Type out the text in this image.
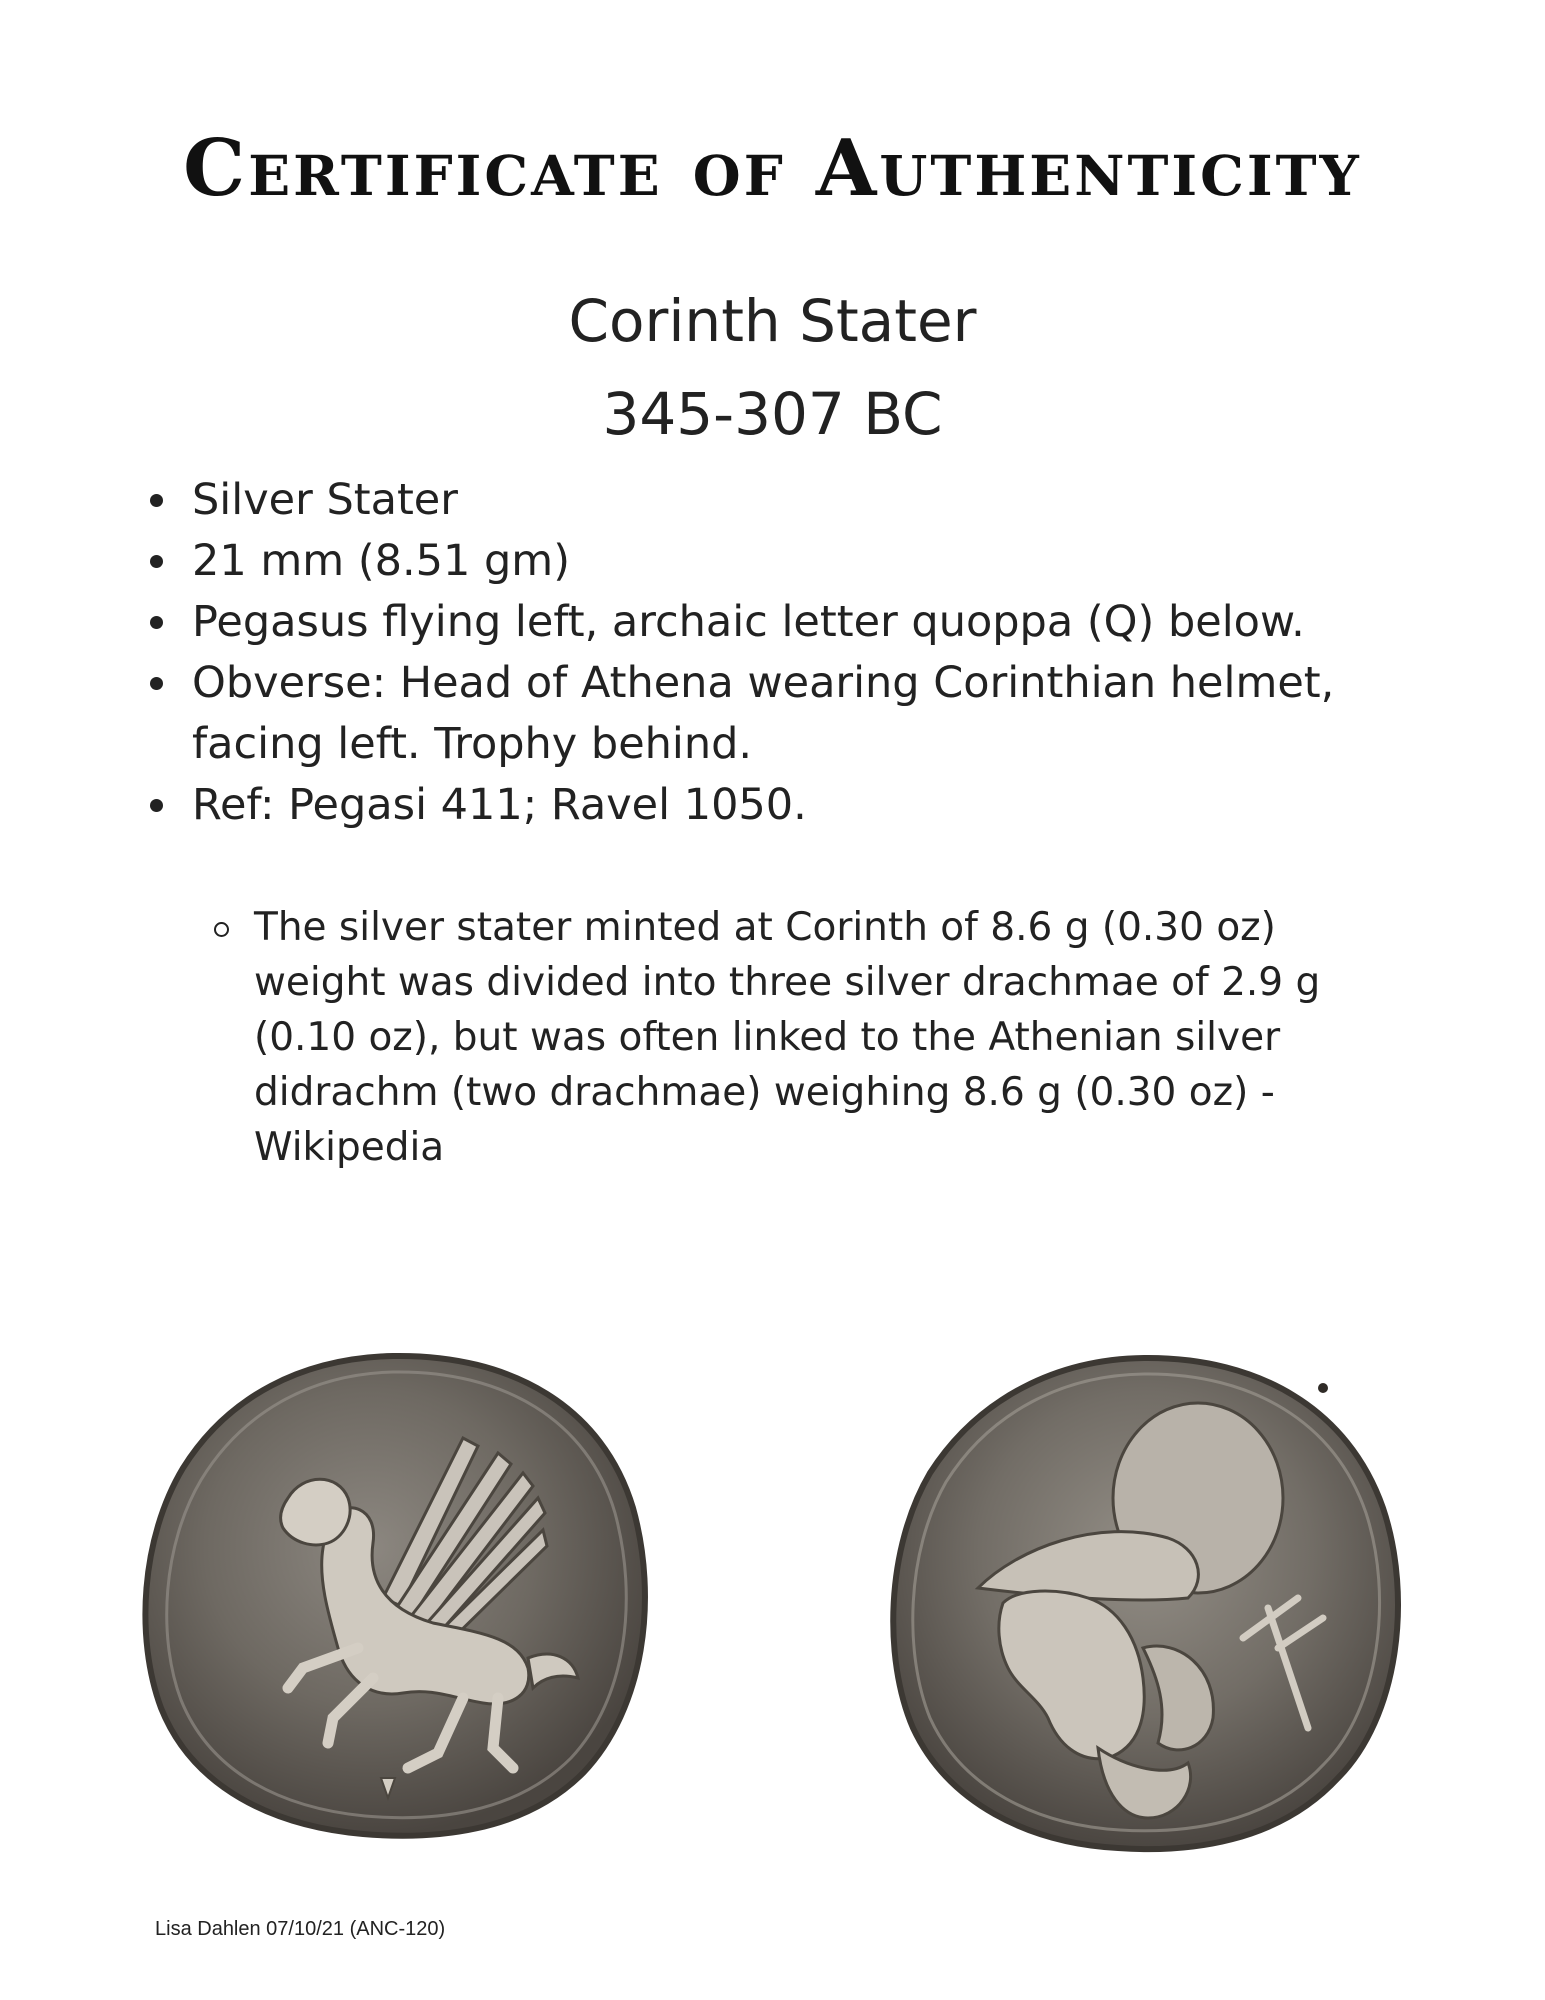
Certificate of Authenticity
Corinth Stater
345-307 BC
Silver Stater
21 mm (8.51 gm)
Pegasus flying left, archaic letter quoppa (Q) below.
Obverse: Head of Athena wearing Corinthian helmet, facing left. Trophy behind.
Ref: Pegasi 411; Ravel 1050.
The silver stater minted at Corinth of 8.6 g (0.30 oz) weight was divided into three silver drachmae of 2.9 g (0.10 oz), but was often linked to the Athenian silver didrachm (two drachmae) weighing 8.6 g (0.30 oz) - Wikipedia
Lisa Dahlen 07/10/21 (ANC-120)
